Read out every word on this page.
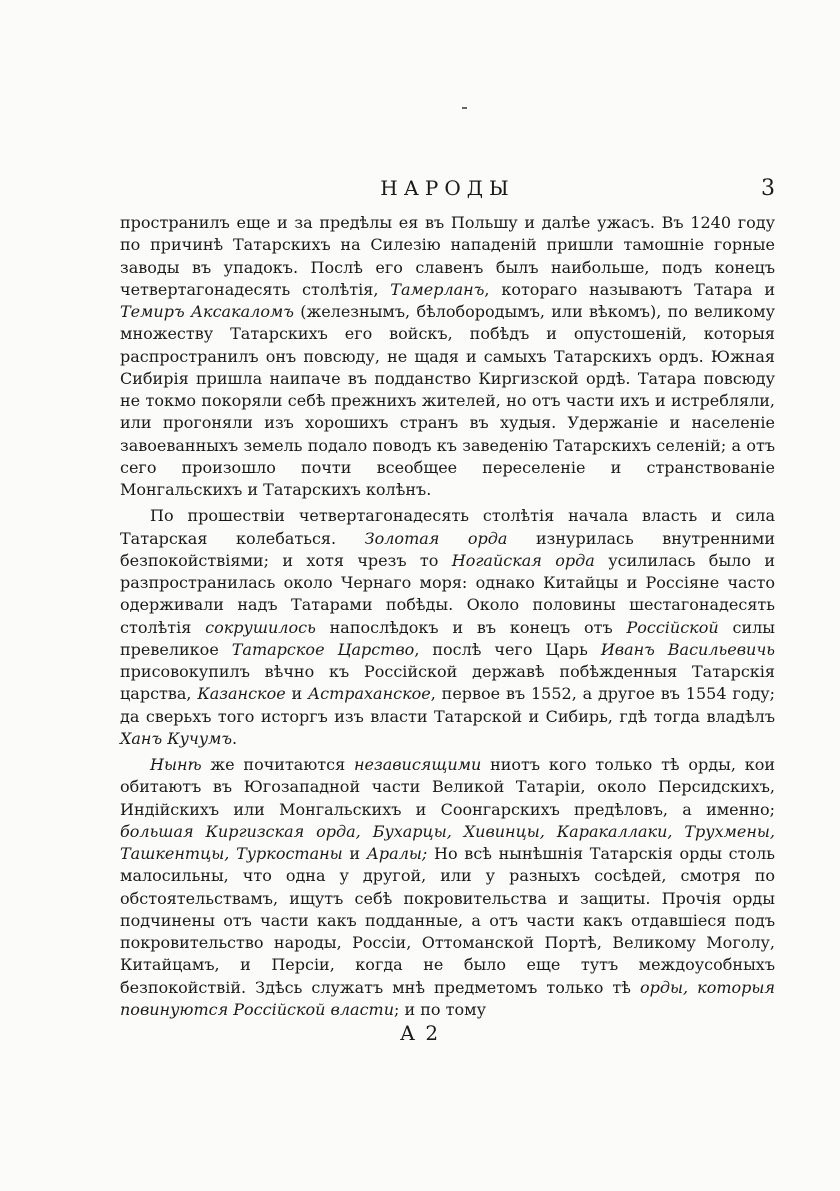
НАРОДЫ	3

пространилъ еще и за предѣлы ея въ Польшу и далѣе ужасъ. Въ 1240 году по причинѣ Татарскихъ на Силезію нападеній пришли тамошніе горные заводы въ упадокъ. Послѣ его славенъ былъ наибольше, подъ конецъ четвертагонадесять столѣтія, Тамерланъ, котораго называютъ Татара и Темиръ Аксакаломъ (железнымъ, бѣлобородымъ, или вѣкомъ), по великому множеству Татарскихъ его войскъ, побѣдъ и опустошеній, которыя распространилъ онъ повсюду, не щадя и самыхъ Татарскихъ ордъ. Южная Сибирія пришла наипаче въ подданство Киргизской ордѣ. Татара повсюду не токмо покоряли себѣ прежнихъ жителей, но отъ части ихъ и истребляли, или прогоняли изъ хорошихъ странъ въ худыя. Удержаніе и населеніе завоеванныхъ земель подало поводъ къ заведенію Татарскихъ селеній; а отъ сего произошло почти всеобщее переселеніе и странствованіе Монгальскихъ и Татарскихъ колѣнъ.

По прошествіи четвертагонадесять столѣтія начала власть и сила Татарская колебаться. Золотая орда изнурилась внутренними безпокойствіями; и хотя чрезъ то Ногайская орда усилилась было и разпространилась около Чернаго моря: однако Китайцы и Россіяне часто одерживали надъ Татарами побѣды. Около половины шестагонадесять столѣтія сокрушилось напослѣдокъ и въ конецъ отъ Россійской силы превеликое Татарское Царство, послѣ чего Царь Иванъ Васильевичь присовокупилъ вѣчно къ Россійской державѣ побѣжденныя Татарскія царства, Казанское и Астраханское, первое въ 1552, а другое въ 1554 году; да сверьхъ того исторгъ изъ власти Татарской и Сибирь, гдѣ тогда владѣлъ Ханъ Кучумъ.

Нынѣ же почитаются независящими ниотъ кого только тѣ орды, кои обитаютъ въ Югозападной части Великой Татаріи, около Персидскихъ, Индійскихъ или Монгальскихъ и Соонгарскихъ предѣловъ, а именно; большая Киргизская орда, Бухарцы, Хивинцы, Каракаллаки, Трухмены, Ташкентцы, Туркостаны и Аралы; Но всѣ нынѣшнія Татарскія орды столь малосильны, что одна у другой, или у разныхъ сосѣдей, смотря по обстоятельствамъ, ищутъ себѣ покровительства и защиты. Прочія орды подчинены отъ части какъ подданные, а отъ части какъ отдавшіеся подъ покровительство народы, Россіи, Оттоманской Портѣ, Великому Моголу, Китайцамъ, и Персіи, когда не было еще тутъ междоусобныхъ безпокойствій. Здѣсь служатъ мнѣ предметомъ только тѣ орды, которыя повинуются Россійской власти; и по тому

А 2
